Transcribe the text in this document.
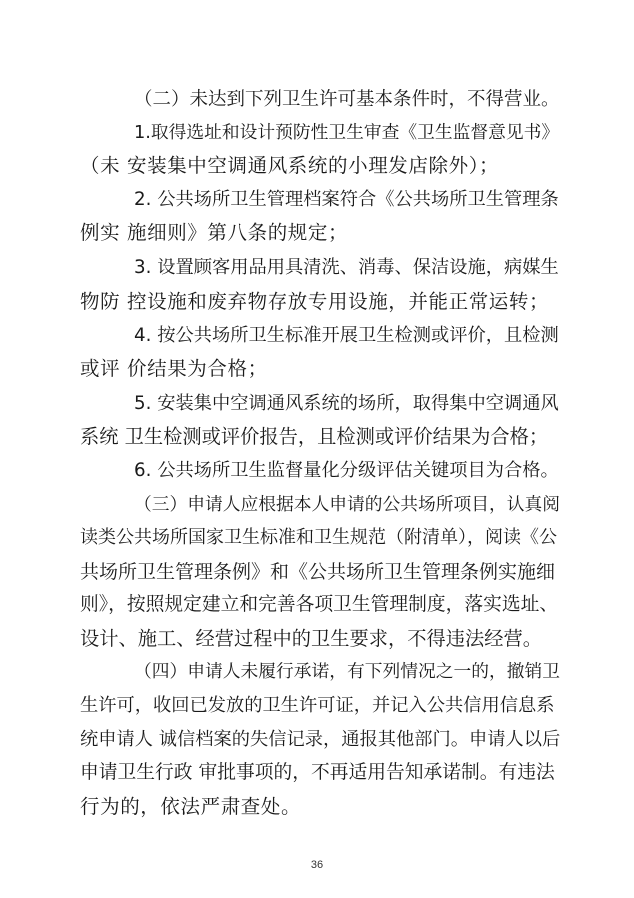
（二）未达到下列卫生许可基本条件时，不得营业。
1.取得选址和设计预防性卫生审查《卫生监督意见书》
（未 安装集中空调通风系统的小理发店除外）；
2. 公共场所卫生管理档案符合《公共场所卫生管理条
例实 施细则》第八条的规定；
3. 设置顾客用品用具清洗、消毒、保洁设施，病媒生
物防 控设施和废弃物存放专用设施，并能正常运转；
4. 按公共场所卫生标准开展卫生检测或评价，且检测
或评 价结果为合格；
5. 安装集中空调通风系统的场所，取得集中空调通风
系统 卫生检测或评价报告，且检测或评价结果为合格；
6. 公共场所卫生监督量化分级评估关键项目为合格。
（三）申请人应根据本人申请的公共场所项目，认真阅
读类公共场所国家卫生标准和卫生规范（附清单），阅读《公
共场所卫生管理条例》和《公共场所卫生管理条例实施细
则》，按照规定建立和完善各项卫生管理制度，落实选址、
设计、施工、经营过程中的卫生要求，不得违法经营。
（四）申请人未履行承诺，有下列情况之一的，撤销卫
生许可，收回已发放的卫生许可证，并记入公共信用信息系
统申请人 诚信档案的失信记录，通报其他部门。申请人以后
申请卫生行政 审批事项的，不再适用告知承诺制。有违法
行为的，依法严肃查处。
36
